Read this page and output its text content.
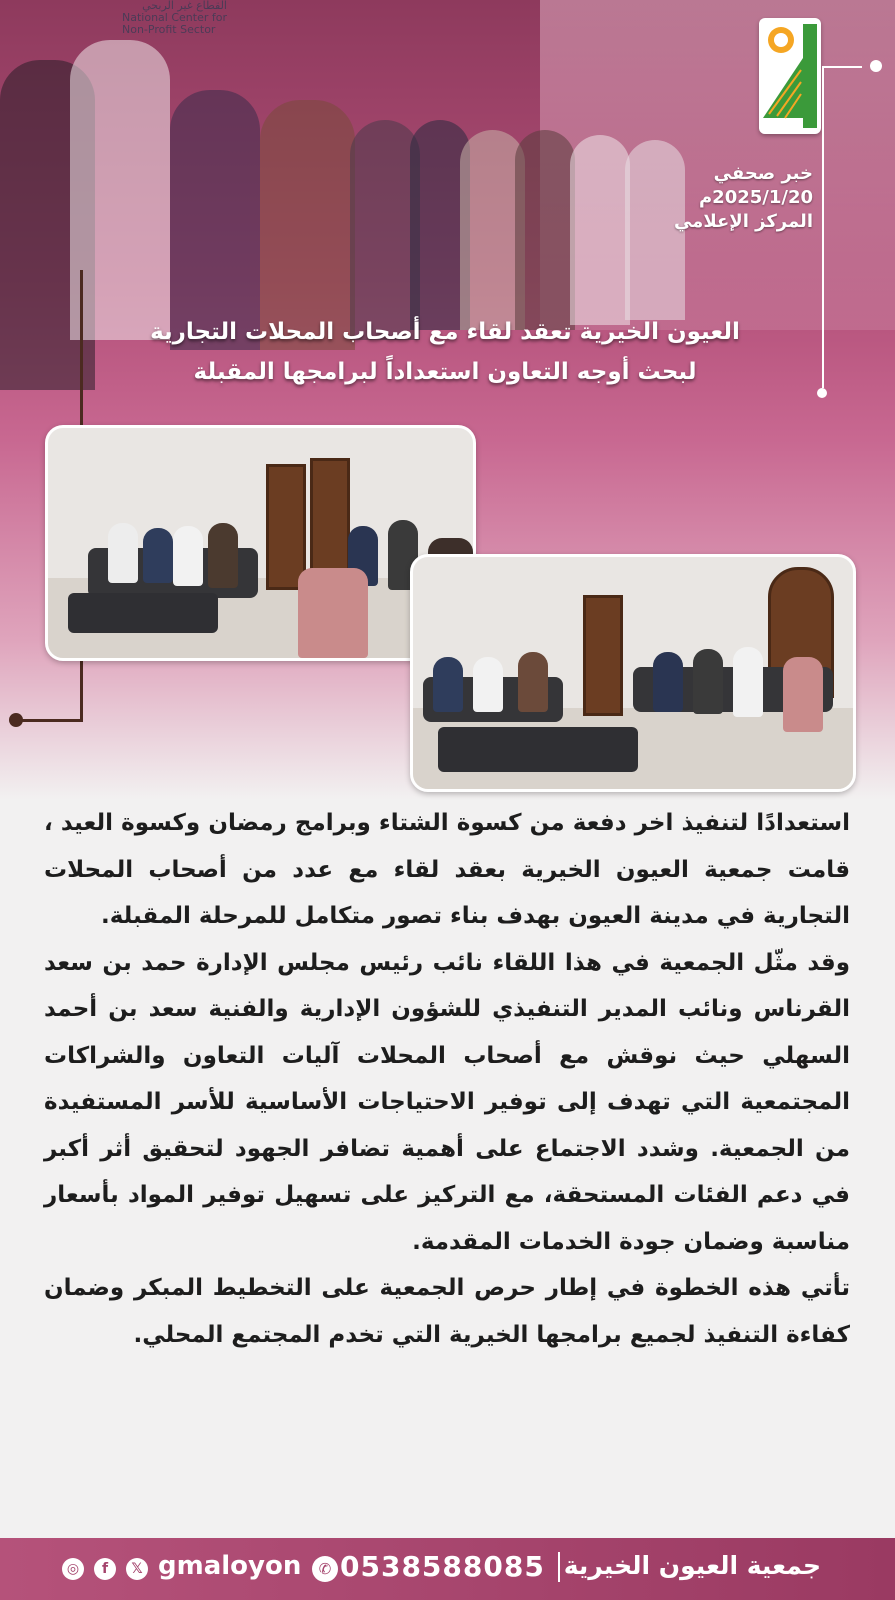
القطاع غير الربحي
National Center for
Non-Profit Sector
خبر صحفي
2025/1/20م
المركز الإعلامي
العيون الخيرية تعقد لقاء مع أصحاب المحلات التجارية
لبحث أوجه التعاون استعداداً لبرامجها المقبلة

استعدادًا لتنفيذ اخر دفعة من كسوة الشتاء وبرامج رمضان وكسوة العيد ، قامت جمعية العيون الخيرية بعقد لقاء مع عدد من أصحاب المحلات التجارية في مدينة العيون بهدف بناء تصور متكامل للمرحلة المقبلة.

وقد مثّل الجمعية في هذا اللقاء نائب رئيس مجلس الإدارة حمد بن سعد القرناس ونائب المدير التنفيذي للشؤون الإدارية والفنية سعد بن أحمد السهلي حيث نوقش مع أصحاب المحلات آليات التعاون والشراكات المجتمعية التي تهدف إلى توفير الاحتياجات الأساسية للأسر المستفيدة من الجمعية. وشدد الاجتماع على أهمية تضافر الجهود لتحقيق أثر أكبر في دعم الفئات المستحقة، مع التركيز على تسهيل توفير المواد بأسعار مناسبة وضمان جودة الخدمات المقدمة.

تأتي هذه الخطوة في إطار حرص الجمعية على التخطيط المبكر وضمان كفاءة التنفيذ لجميع برامجها الخيرية التي تخدم المجتمع المحلي.

جمعية العيون الخيرية
0538588085
✆
gmaloyon
𝕏
f
◎
